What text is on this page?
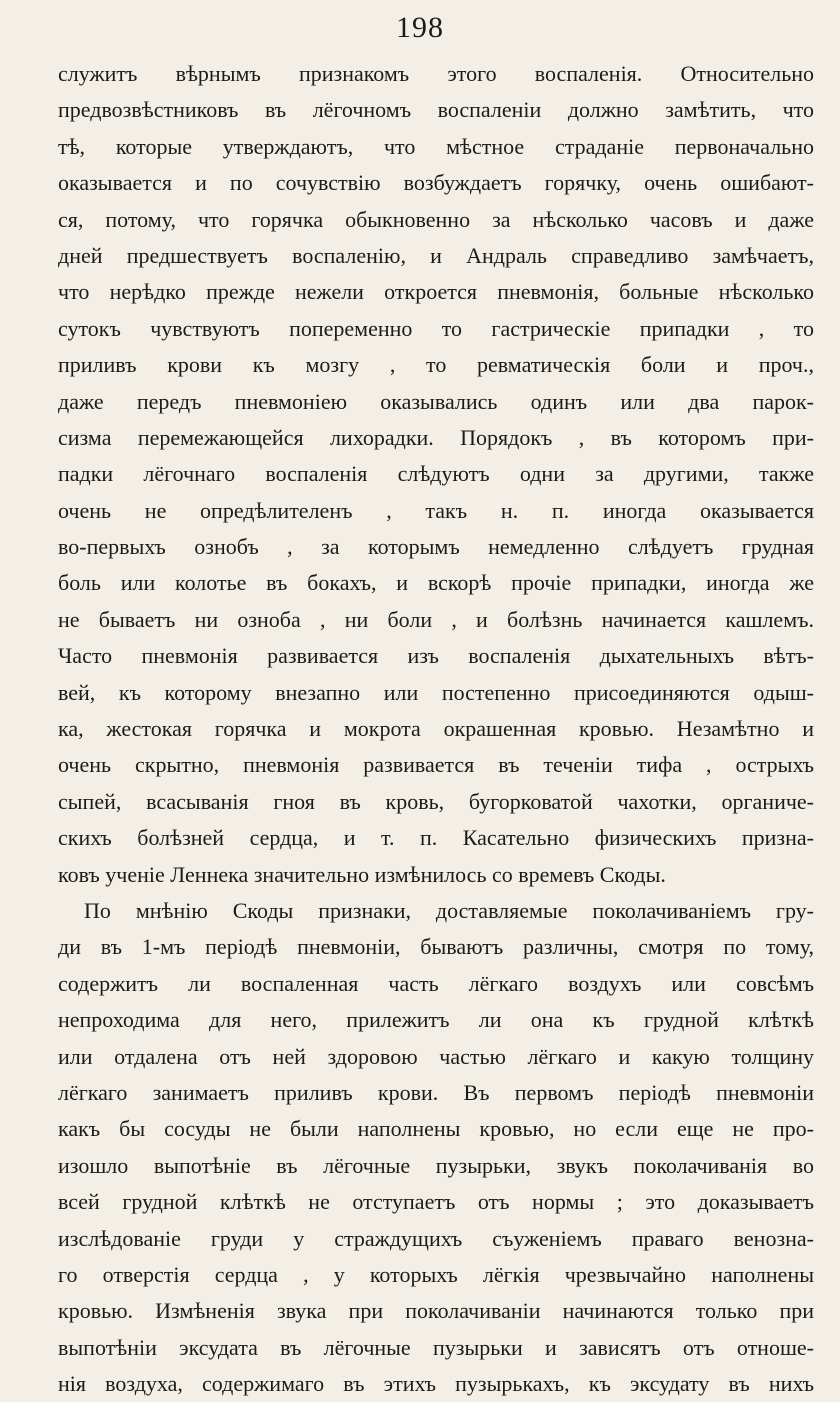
198
служитъ вѣрнымъ признакомъ этого воспаленія. Относительно
предвозвѣстниковъ въ лёгочномъ воспаленіи должно замѣтить, что
тѣ, которые утверждаютъ, что мѣстное страданіе первоначально
оказывается и по сочувствію возбуждаетъ горячку, очень ошибают-
ся, потому, что горячка обыкновенно за нѣсколько часовъ и даже
дней предшествуетъ воспаленію, и Андраль справедливо замѣчаетъ,
что нерѣдко прежде нежели откроется пневмонія, больные нѣсколько
сутокъ чувствуютъ попеременно то гастрическіе припадки , то
приливъ крови къ мозгу , то ревматическія боли и проч.,
даже передъ пневмоніею оказывались одинъ или два парок-
сизма перемежающейся лихорадки. Порядокъ , въ которомъ при-
падки лёгочнаго воспаленія слѣдуютъ одни за другими, также
очень не опредѣлителенъ , такъ н. п. иногда оказывается
во-первыхъ ознобъ , за которымъ немедленно слѣдуетъ грудная
боль или колотье въ бокахъ, и вскорѣ прочіе припадки, иногда же
не бываетъ ни озноба , ни боли , и болѣзнь начинается кашлемъ.
Часто пневмонія развивается изъ воспаленія дыхательныхъ вѣтъ-
вей, къ которому внезапно или постепенно присоединяются одыш-
ка, жестокая горячка и мокрота окрашенная кровью. Незамѣтно и
очень скрытно, пневмонія развивается въ теченіи тифа , острыхъ
сыпей, всасыванія гноя въ кровь, бугорковатой чахотки, органиче-
скихъ болѣзней сердца, и т. п. Касательно физическихъ призна-
ковъ ученіе Леннека значительно измѣнилось со времевъ Скоды.
По мнѣнію Скоды признаки, доставляемые поколачиваніемъ гру-
ди въ 1-мъ періодѣ пневмоніи, бываютъ различны, смотря по тому,
содержитъ ли воспаленная часть лёгкаго воздухъ или совсѣмъ
непроходима для него, прилежитъ ли она къ грудной клѣткѣ
или отдалена отъ ней здоровою частью лёгкаго и какую толщину
лёгкаго занимаетъ приливъ крови. Въ первомъ періодѣ пневмоніи
какъ бы сосуды не были наполнены кровью, но если еще не про-
изошло выпотѣніе въ лёгочные пузырьки, звукъ поколачиванія во
всей грудной клѣткѣ не отступаетъ отъ нормы ; это доказываетъ
изслѣдованіе груди у страждущихъ съуженіемъ праваго венозна-
го отверстія сердца , у которыхъ лёгкія чрезвычайно наполнены
кровью. Измѣненія звука при поколачиваніи начинаются только при
выпотѣніи эксудата въ лёгочные пузырьки и зависятъ отъ отноше-
нія воздуха, содержимаго въ этихъ пузырькахъ, къ эксудату въ нихъ
